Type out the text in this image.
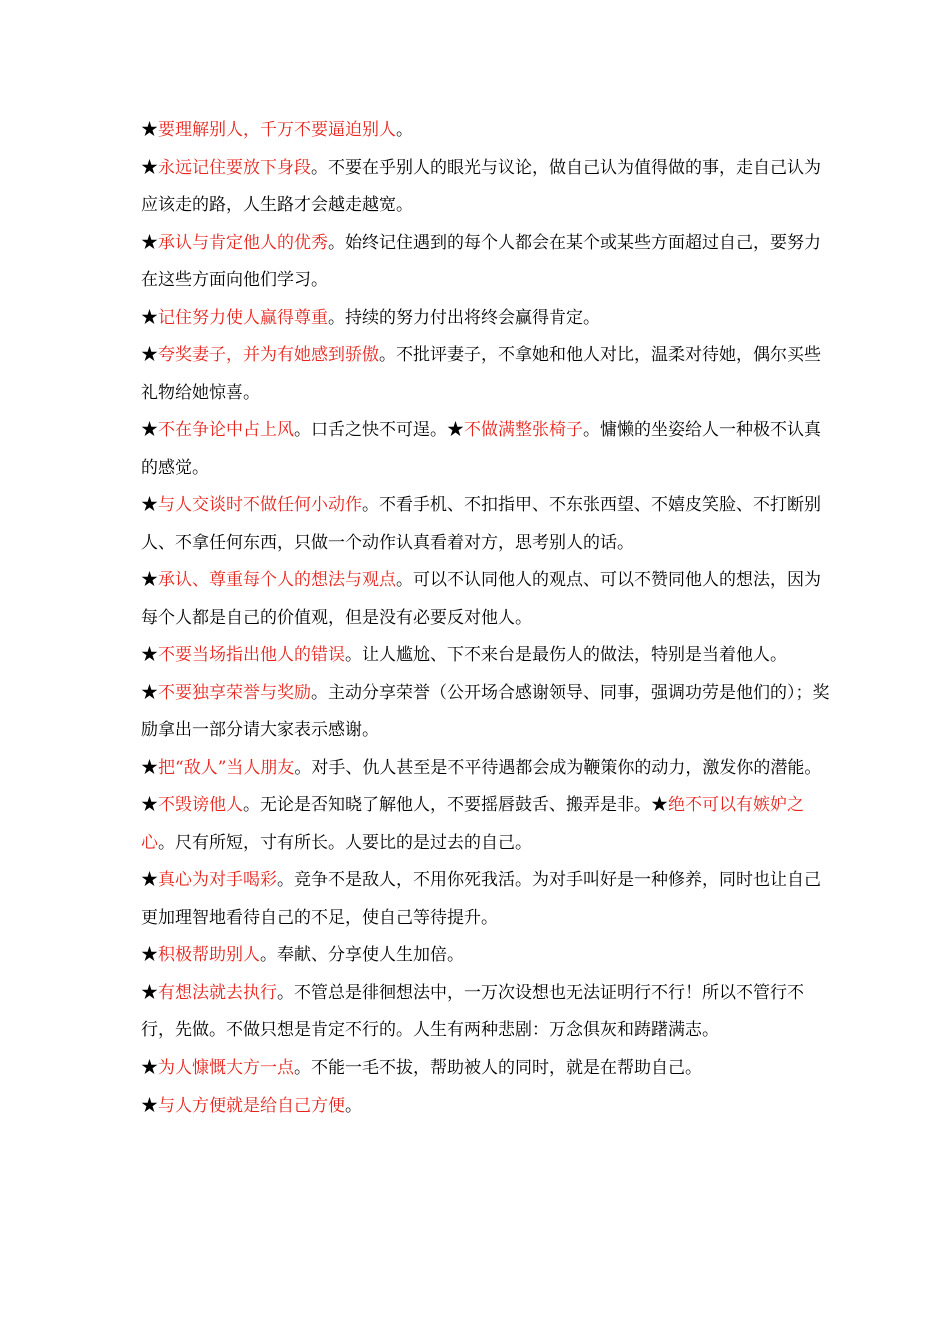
★要理解别人，千万不要逼迫别人。

★永远记住要放下身段。不要在乎别人的眼光与议论，做自己认为值得做的事，走自己认为应该走的路，人生路才会越走越宽。

★承认与肯定他人的优秀。始终记住遇到的每个人都会在某个或某些方面超过自己，要努力在这些方面向他们学习。

★记住努力使人赢得尊重。持续的努力付出将终会赢得肯定。

★夸奖妻子，并为有她感到骄傲。不批评妻子，不拿她和他人对比，温柔对待她，偶尔买些礼物给她惊喜。

★不在争论中占上风。口舌之快不可逞。★不做满整张椅子。慵懒的坐姿给人一种极不认真的感觉。

★与人交谈时不做任何小动作。不看手机、不扣指甲、不东张西望、不嬉皮笑脸、不打断别人、不拿任何东西，只做一个动作认真看着对方，思考别人的话。

★承认、尊重每个人的想法与观点。可以不认同他人的观点、可以不赞同他人的想法，因为每个人都是自己的价值观，但是没有必要反对他人。

★不要当场指出他人的错误。让人尴尬、下不来台是最伤人的做法，特别是当着他人。

★不要独享荣誉与奖励。主动分享荣誉（公开场合感谢领导、同事，强调功劳是他们的）；奖励拿出一部分请大家表示感谢。

★把“敌人”当人朋友。对手、仇人甚至是不平待遇都会成为鞭策你的动力，激发你的潜能。

★不毁谤他人。无论是否知晓了解他人，不要摇唇鼓舌、搬弄是非。★绝不可以有嫉妒之心。尺有所短，寸有所长。人要比的是过去的自己。

★真心为对手喝彩。竞争不是敌人，不用你死我活。为对手叫好是一种修养，同时也让自己更加理智地看待自己的不足，使自己等待提升。

★积极帮助别人。奉献、分享使人生加倍。

★有想法就去执行。不管总是徘徊想法中，一万次设想也无法证明行不行！所以不管行不行，先做。不做只想是肯定不行的。人生有两种悲剧：万念俱灰和踌躇满志。

★为人慷慨大方一点。不能一毛不拔，帮助被人的同时，就是在帮助自己。

★与人方便就是给自己方便。
